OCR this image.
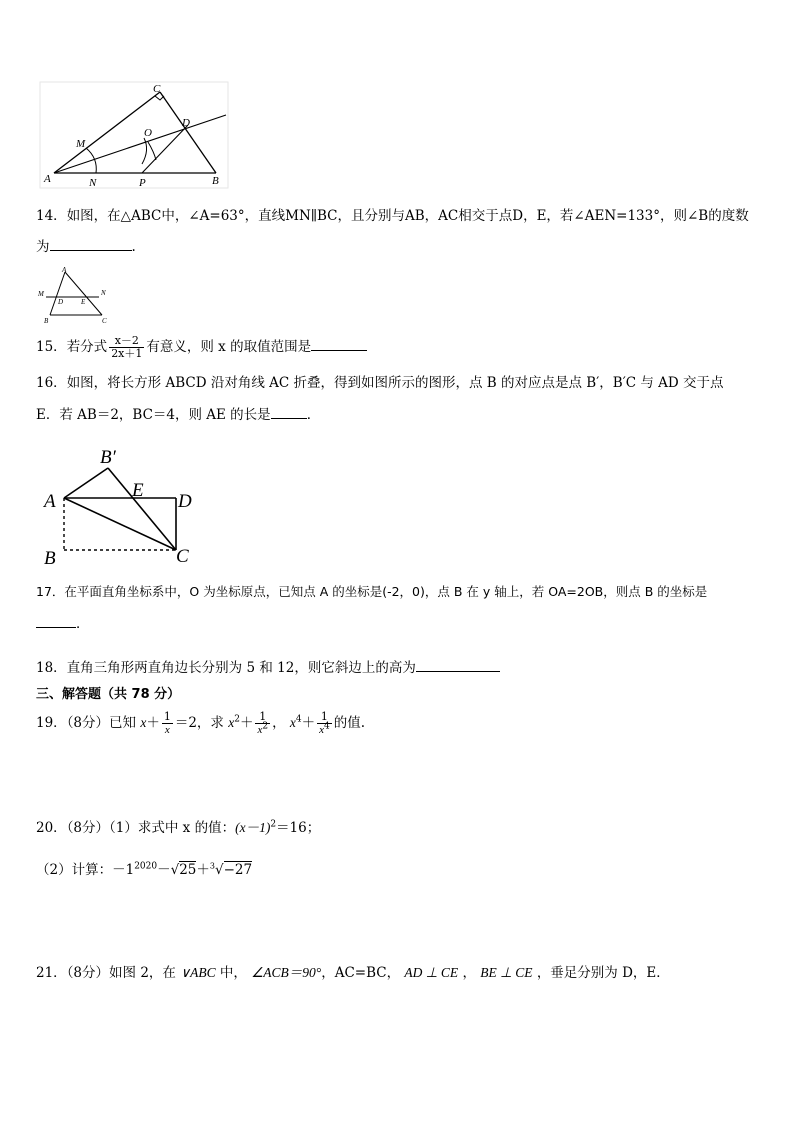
C
M
O
D
A	N	P	B
14．如图，在△ABC中，∠A=63°，直线MN∥BC，且分别与AB，AC相交于点D，E，若∠AEN=133°，则∠B的度数
为	.
A
M
D	E
N
B	C
15．若分式 $\frac{x-2}{2x+1}$ 有意义，则 x 的取值范围是
16．如图，将长方形 ABCD 沿对角线 AC 折叠，得到如图所示的图形，点 B 的对应点是点 B′，B′C 与 AD 交于点
E．若 AB＝2，BC＝4，则 AE 的长是	．
B′
E
D
A
B	C
17．在平面直角坐标系中，O 为坐标原点，已知点 A 的坐标是(-2，0)，点 B 在 y 轴上，若 OA=2OB，则点 B 的坐标是
．
18．直角三角形两直角边长分别为 5 和 12，则它斜边上的高为
三、解答题（共 78 分）
19．（8分）已知 $x+ \frac{1}{x} =2$，求 $x^2+ \frac{1}{x^2}$ ， $x^4+ \frac{1}{x^4}$ 的值.
20．（8分）（1）求式中 x 的值：$(x-1)^2=16$；
（2）计算：$-1^{2020}-√25+^3√-27$
21．（8分）如图 2，在 ∨ABC 中， ∠ACB＝90°，AC=BC， AD ⊥ CE ， BE ⊥ CE ，垂足分别为 D，E．
